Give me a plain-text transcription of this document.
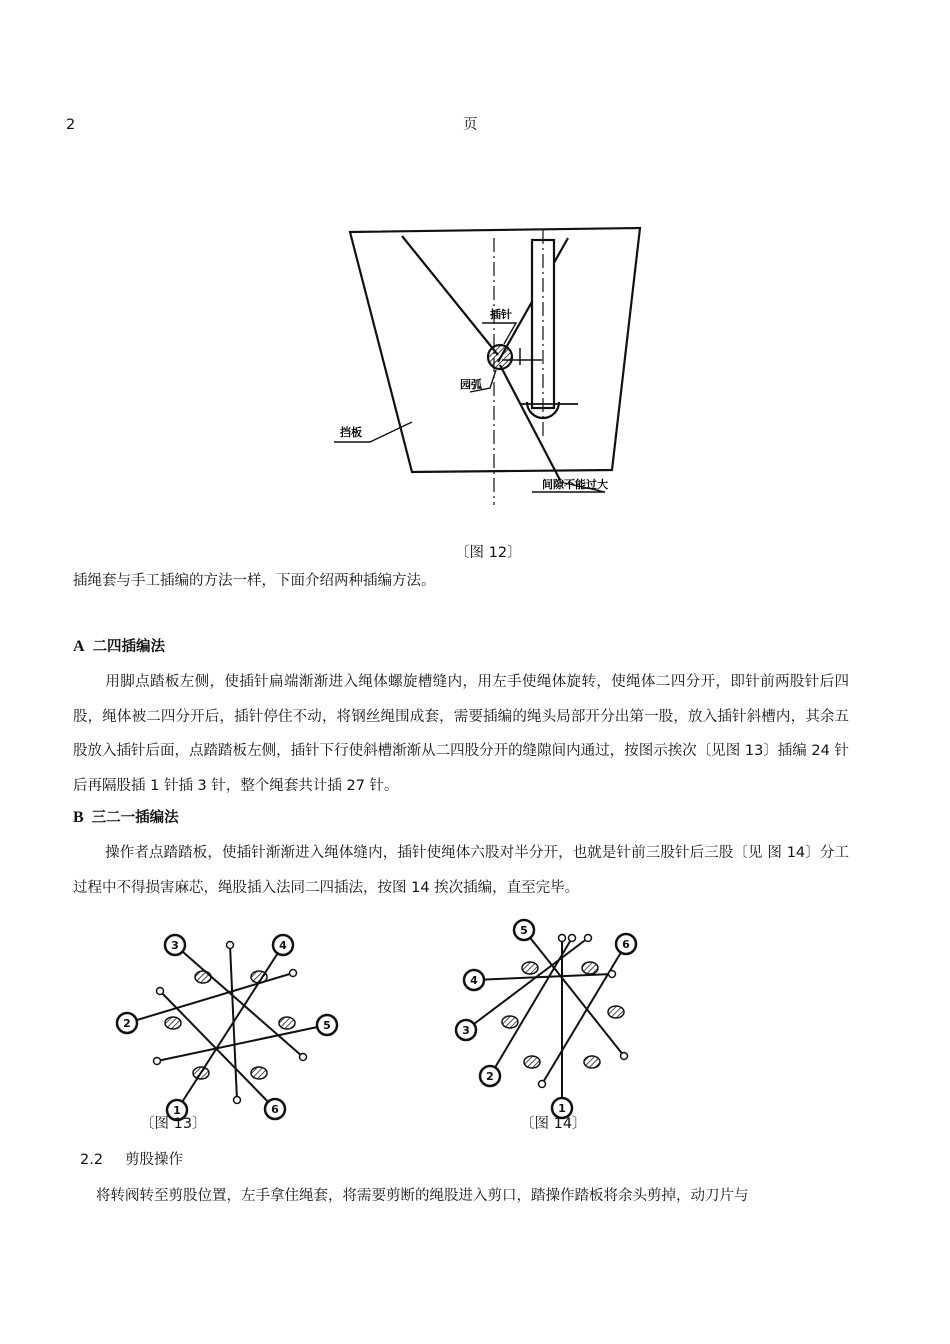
2	页
插针
园弧
挡板
间隙不能过大
〔图 12〕
插绳套与手工插编的方法一样，下面介绍两种插编方法。
A 二四插编法
用脚点踏板左侧，使插针扁端渐渐进入绳体螺旋槽缝内，用左手使绳体旋转，使绳体二四分开，即针前两股针后四股，绳体被二四分开后，插针停住不动，将钢丝绳围成套，需要插编的绳头局部开分出第一股，放入插针斜槽内，其余五股放入插针后面，点踏踏板左侧，插针下行使斜槽渐渐从二四股分开的缝隙间内通过，按图示挨次〔见图 13〕插编 24 针后再隔股插 1 针插 3 针，整个绳套共计插 27 针。
B 三二一插编法
操作者点踏踏板，使插针渐渐进入绳体缝内，插针使绳体六股对半分开，也就是针前三股针后三股〔见 图 14〕分工过程中不得损害麻芯，绳股插入法同二四插法，按图 14 挨次插编，直至完毕。
3	4
2	5
1	6
5
6
4
3
2
1
〔图 13〕	〔图 14〕
2.2 剪股操作
将转阀转至剪股位置，左手拿住绳套，将需要剪断的绳股进入剪口，踏操作踏板将余头剪掉，动刀片与
